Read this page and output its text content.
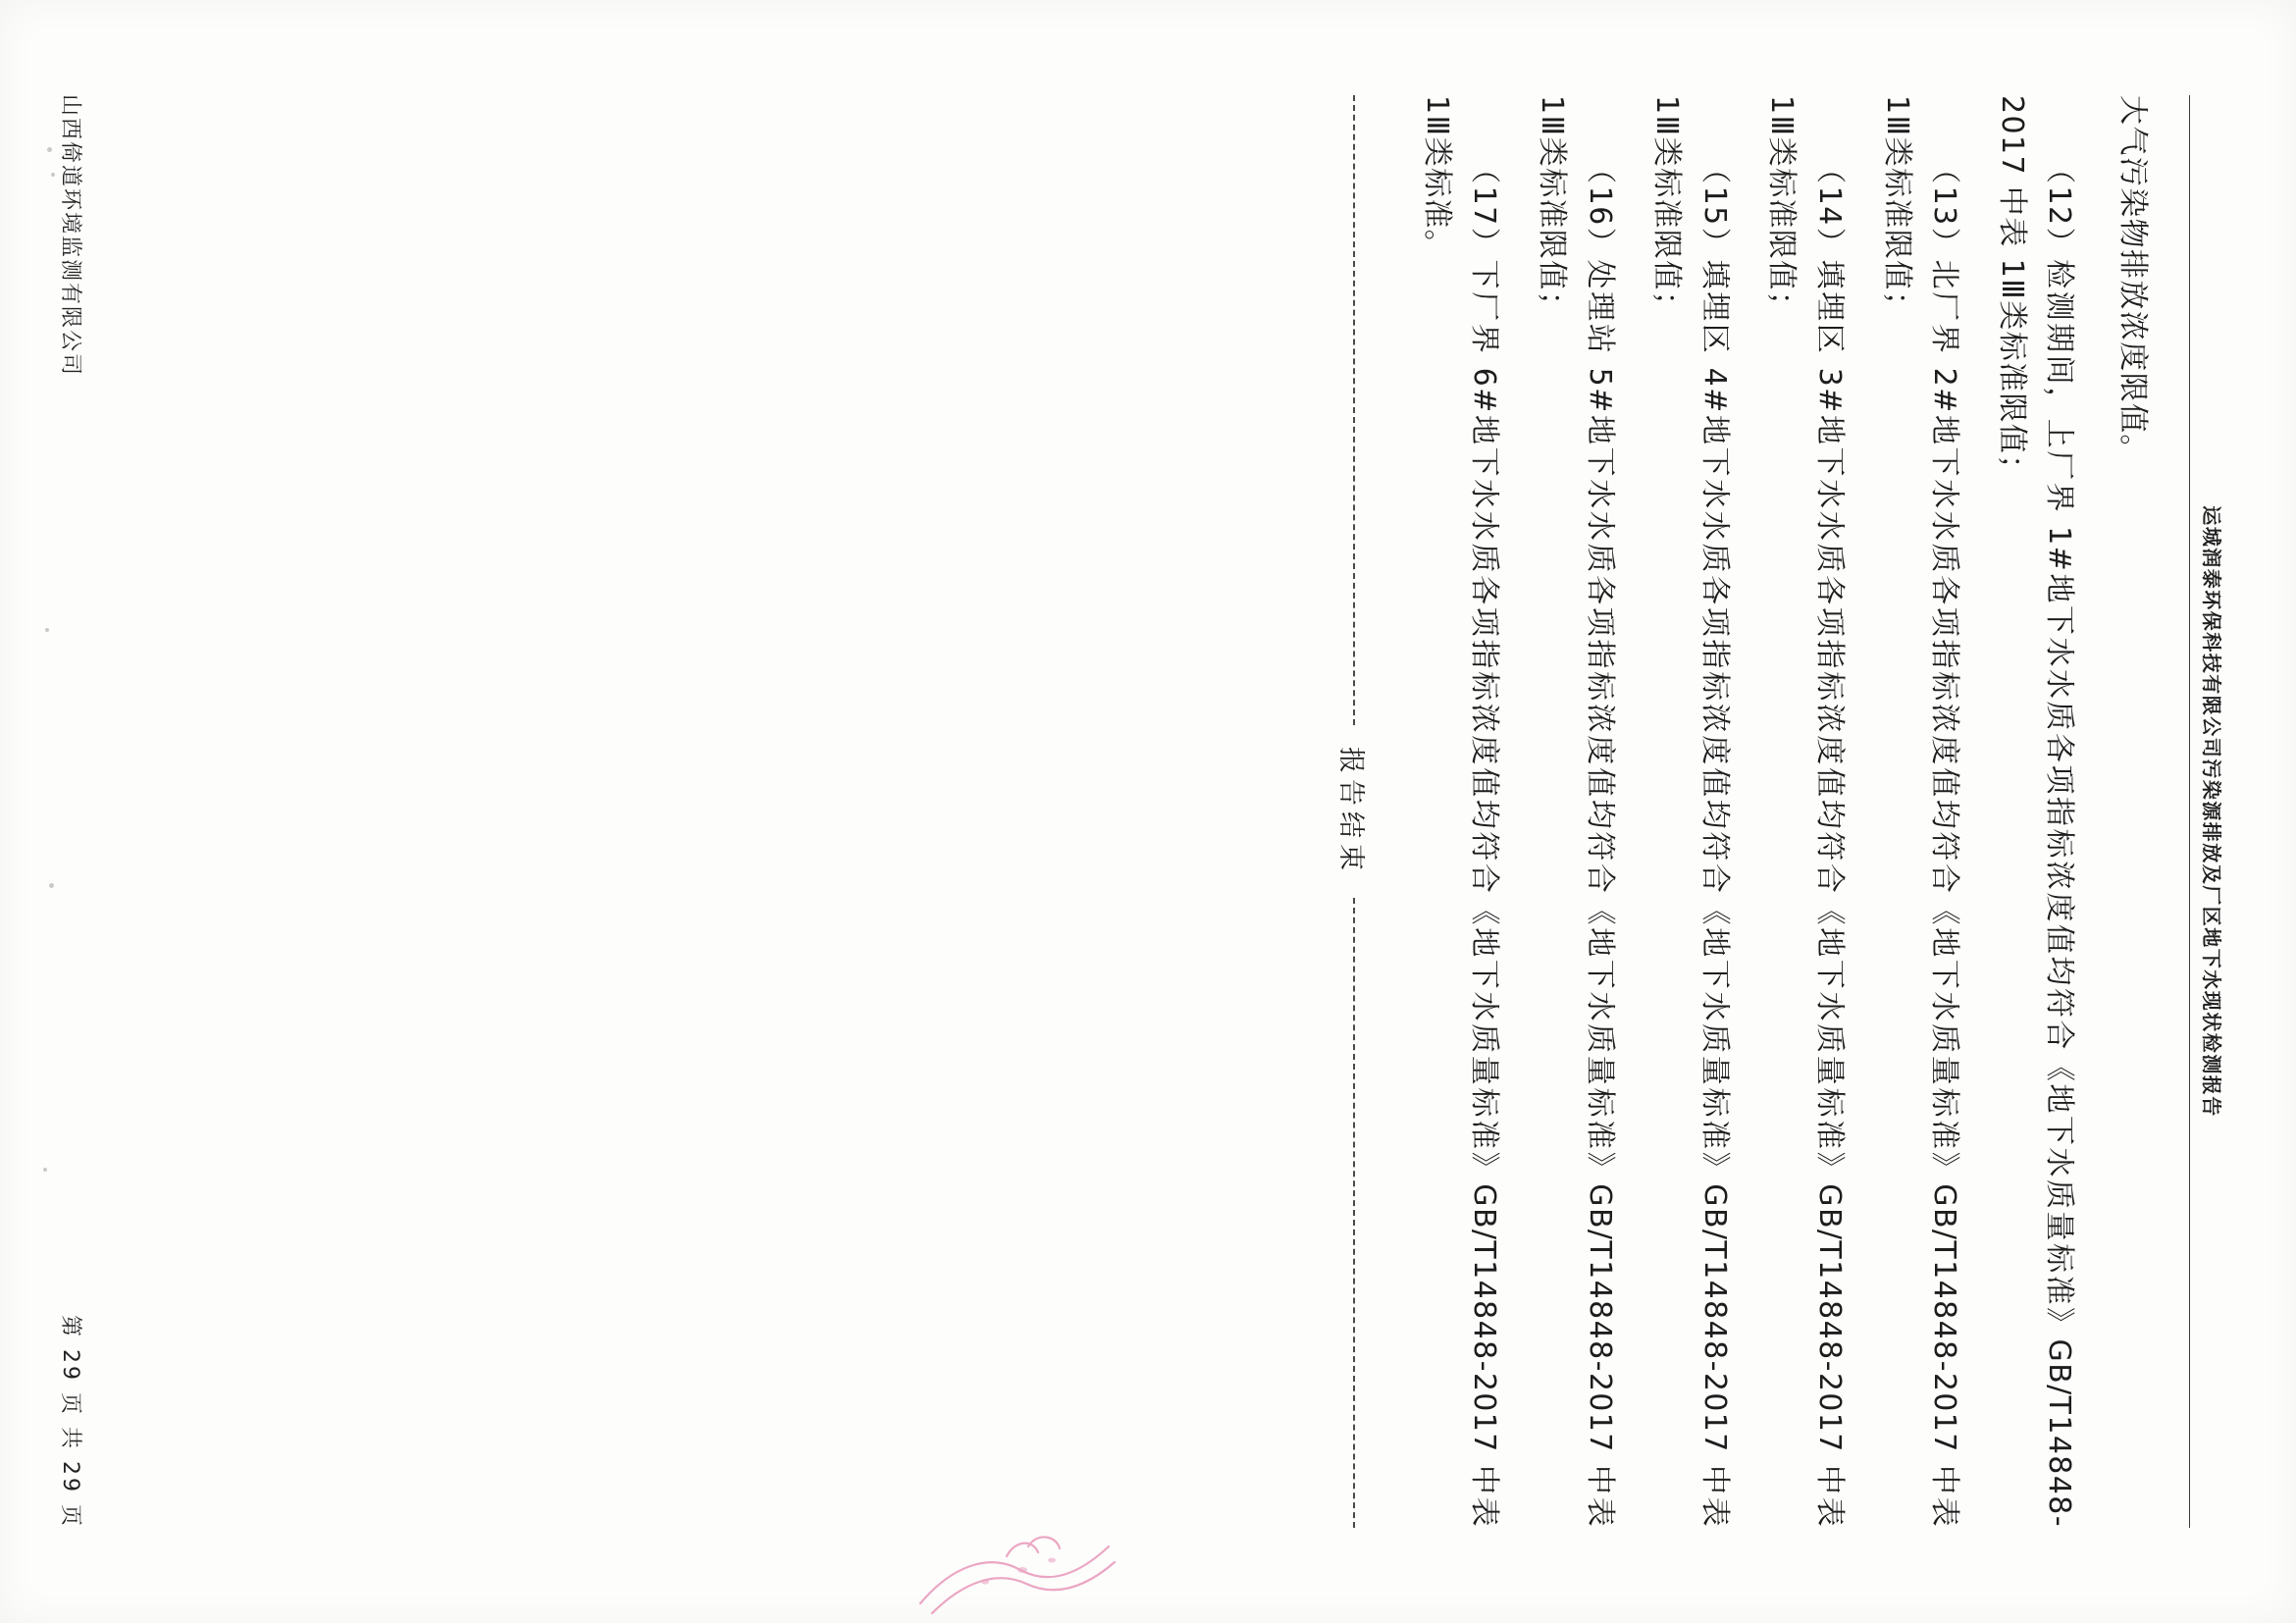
运城润泰环保科技有限公司污染源排放及厂区地下水现状检测报告

大气污染物排放浓度限值。

（12）检测期间，上厂界 1#地下水水质各项指标浓度值均符合《地下水质量标准》GB/T14848-2017 中表 1Ⅲ类标准限值；

（13）北厂界 2#地下水水质各项指标浓度值均符合《地下水质量标准》GB/T14848-2017 中表 1Ⅲ类标准限值；

（14）填埋区 3#地下水水质各项指标浓度值均符合《地下水质量标准》GB/T14848-2017 中表 1Ⅲ类标准限值；

（15）填埋区 4#地下水水质各项指标浓度值均符合《地下水质量标准》GB/T14848-2017 中表 1Ⅲ类标准限值；

（16）处理站 5#地下水水质各项指标浓度值均符合《地下水质量标准》GB/T14848-2017 中表 1Ⅲ类标准限值；

（17）下厂界 6#地下水水质各项指标浓度值均符合《地下水质量标准》GB/T14848-2017 中表 1Ⅲ类标准。

报告结束
山西倚道环境监测有限公司
第 29 页 共 29 页
